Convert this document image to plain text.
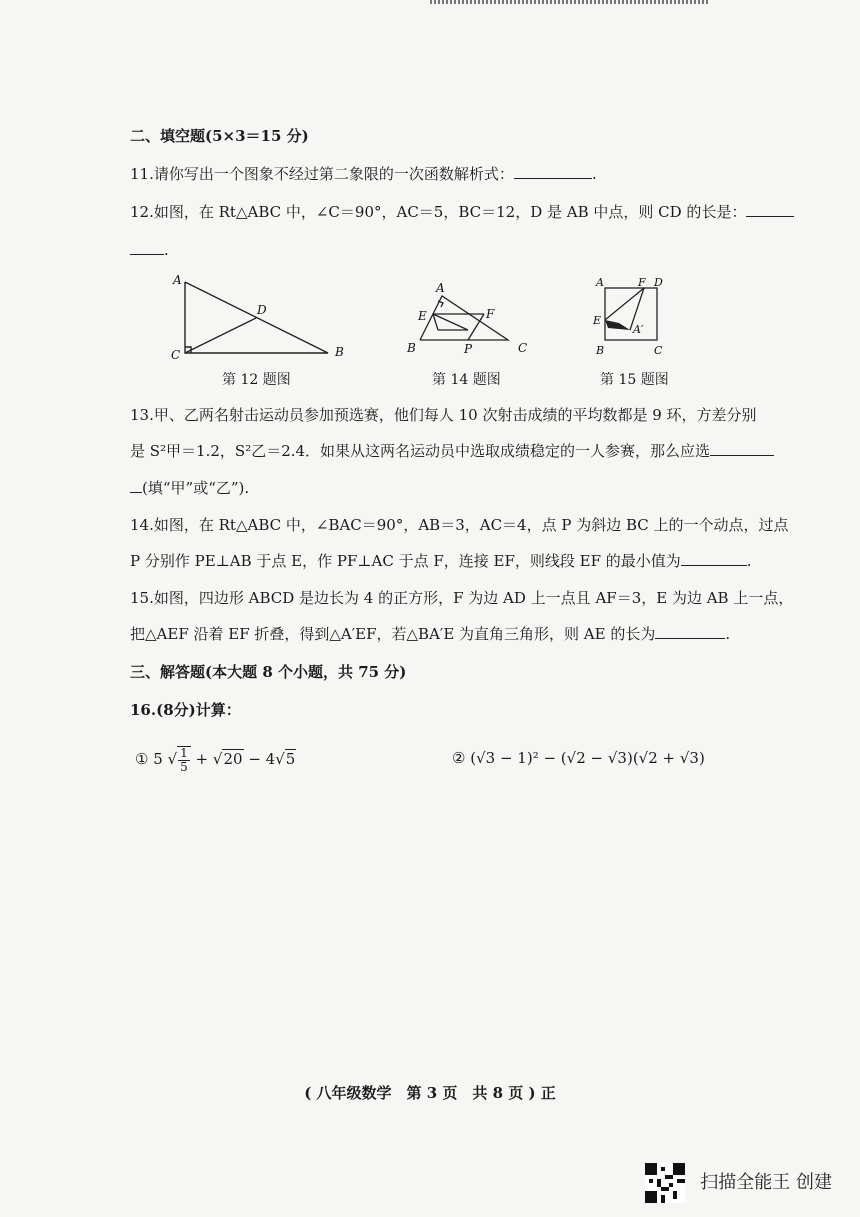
二、填空题(5×3＝15 分)
11.请你写出一个图象不经过第二象限的一次函数解析式：	.
12.如图，在 Rt△ABC 中，∠C＝90°，AC＝5，BC＝12，D 是 AB 中点，则 CD 的长是：
.
A
D
C	B
A
E	F
B	P	C
A	F D
E
A′
B	C
第 12 题图	第 14 题图	第 15 题图
13.甲、乙两名射击运动员参加预选赛，他们每人 10 次射击成绩的平均数都是 9 环，方差分别
是 S²甲＝1.2，S²乙＝2.4．如果从这两名运动员中选取成绩稳定的一人参赛，那么应选
(填“甲”或“乙”).
14.如图，在 Rt△ABC 中，∠BAC＝90°，AB＝3，AC＝4，点 P 为斜边 BC 上的一个动点，过点
P 分别作 PE⊥AB 于点 E，作 PF⊥AC 于点 F，连接 EF，则线段 EF 的最小值为	.
15.如图，四边形 ABCD 是边长为 4 的正方形，F 为边 AD 上一点且 AF＝3，E 为边 AB 上一点，
把△AEF 沿着 EF 折叠，得到△A′EF，若△BA′E 为直角三角形，则 AE 的长为	.
三、解答题(本大题 8 个小题，共 75 分)
16.(8分)计算：
① 5 √ $\frac{1}{5} + √20 - 4√5$	② (√3 − 1)² − (√2 − √3)(√2 + √3)
( 八年级数学　第 3 页　共 8 页 ) 正
扫描全能王 创建
